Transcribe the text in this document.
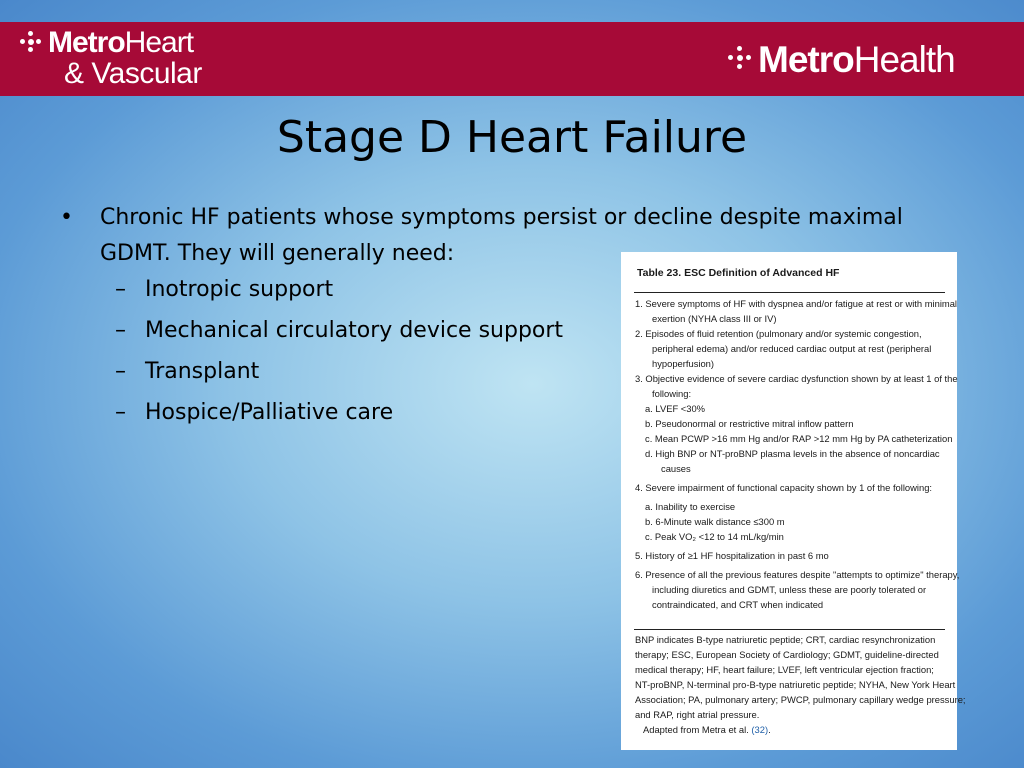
MetroHeart
& Vascular	MetroHealth
Stage D Heart Failure
• Chronic HF patients whose symptoms persist or decline despite maximal
GDMT. They will generally need:
– Inotropic support
– Mechanical circulatory device support
– Transplant
– Hospice/Palliative care
Table 23. ESC Definition of Advanced HF
1. Severe symptoms of HF with dyspnea and/or fatigue at rest or with minimal
exertion (NYHA class III or IV)
2. Episodes of fluid retention (pulmonary and/or systemic congestion,
peripheral edema) and/or reduced cardiac output at rest (peripheral
hypoperfusion)
3. Objective evidence of severe cardiac dysfunction shown by at least 1 of the
following:
a. LVEF <30%
b. Pseudonormal or restrictive mitral inflow pattern
c. Mean PCWP >16 mm Hg and/or RAP >12 mm Hg by PA catheterization
d. High BNP or NT-proBNP plasma levels in the absence of noncardiac
causes
4. Severe impairment of functional capacity shown by 1 of the following:
a. Inability to exercise
b. 6-Minute walk distance ≤300 m
c. Peak VO₂ <12 to 14 mL/kg/min
5. History of ≥1 HF hospitalization in past 6 mo
6. Presence of all the previous features despite "attempts to optimize" therapy,
including diuretics and GDMT, unless these are poorly tolerated or
contraindicated, and CRT when indicated
BNP indicates B-type natriuretic peptide; CRT, cardiac resynchronization
therapy; ESC, European Society of Cardiology; GDMT, guideline-directed
medical therapy; HF, heart failure; LVEF, left ventricular ejection fraction;
NT-proBNP, N-terminal pro-B-type natriuretic peptide; NYHA, New York Heart
Association; PA, pulmonary artery; PWCP, pulmonary capillary wedge pressure;
and RAP, right atrial pressure.
Adapted from Metra et al. (32).
